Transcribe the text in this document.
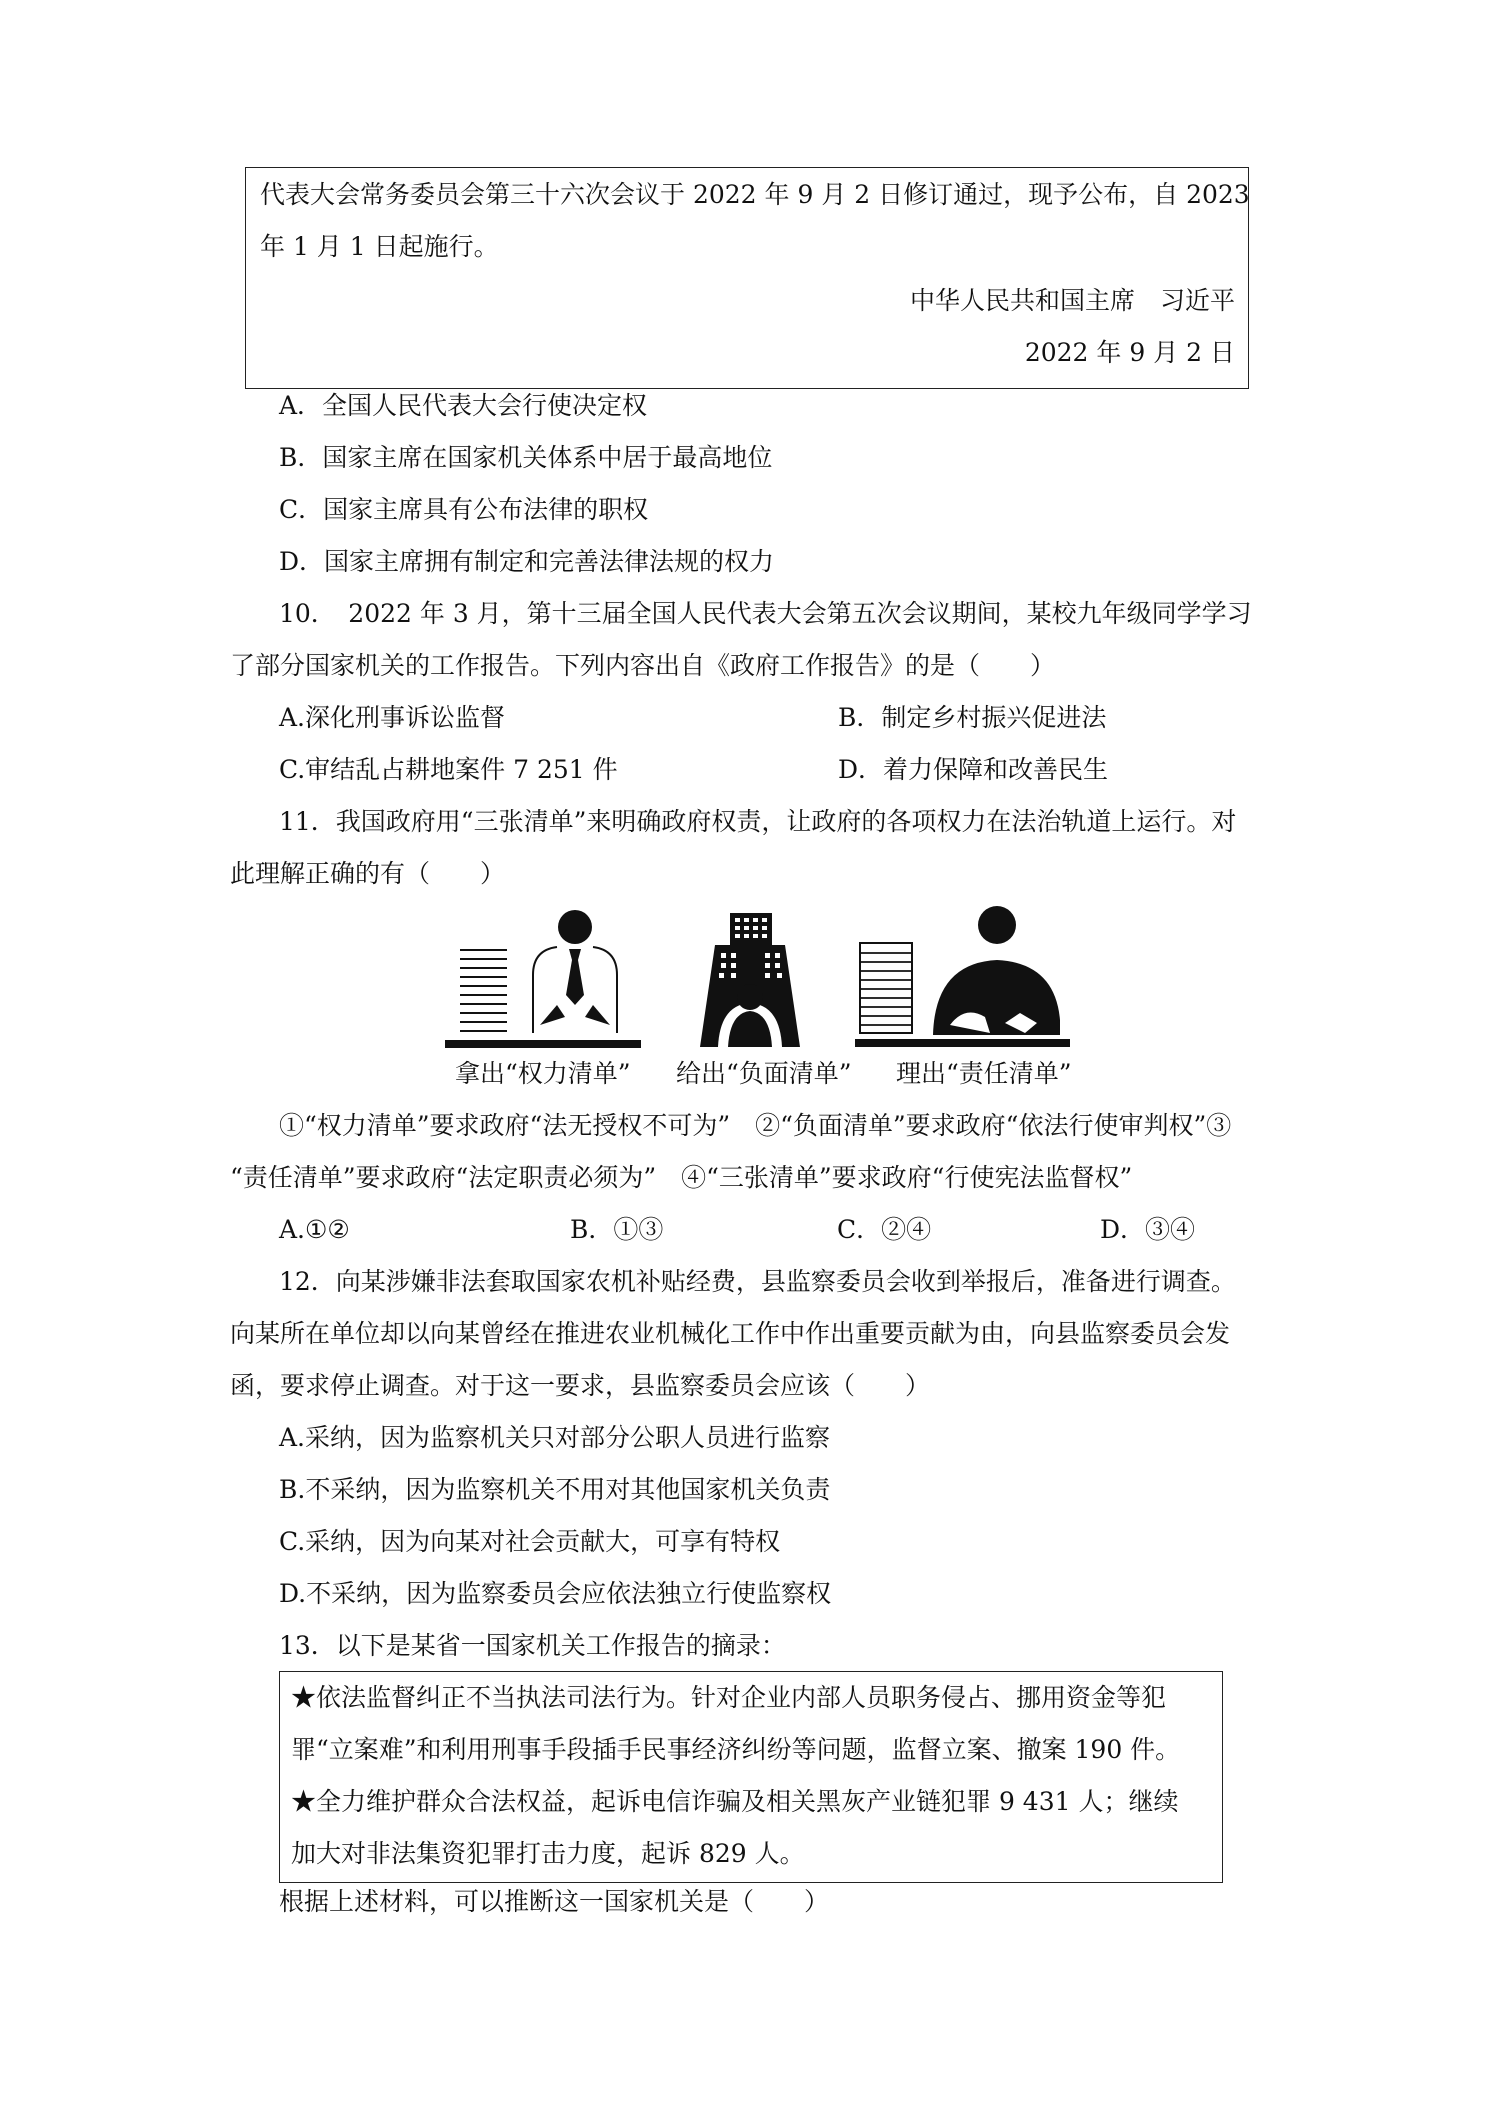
代表大会常务委员会第三十六次会议于 2022 年 9 月 2 日修订通过，现予公布，自 2023
年 1 月 1 日起施行。
中华人民共和国主席　习近平
2022 年 9 月 2 日
A．全国人民代表大会行使决定权
B．国家主席在国家机关体系中居于最高地位
C．国家主席具有公布法律的职权
D．国家主席拥有制定和完善法律法规的权力
10．　2022 年 3 月，第十三届全国人民代表大会第五次会议期间，某校九年级同学学习
了部分国家机关的工作报告。下列内容出自《政府工作报告》的是（　　）
A.深化刑事诉讼监督	B．制定乡村振兴促进法
C.审结乱占耕地案件 7 251 件	D．着力保障和改善民生
11．我国政府用“三张清单”来明确政府权责，让政府的各项权力在法治轨道上运行。对
此理解正确的有（　　）
拿出“权力清单” 给出“负面清单” 理出“责任清单”
①“权力清单”要求政府“法无授权不可为”　②“负面清单”要求政府“依法行使审判权”③
“责任清单”要求政府“法定职责必须为”　④“三张清单”要求政府“行使宪法监督权”
A.①②	B．①③	C．②④	D．③④
12．向某涉嫌非法套取国家农机补贴经费，县监察委员会收到举报后，准备进行调查。
向某所在单位却以向某曾经在推进农业机械化工作中作出重要贡献为由，向县监察委员会发
函，要求停止调查。对于这一要求，县监察委员会应该（　　）
A.采纳，因为监察机关只对部分公职人员进行监察
B.不采纳，因为监察机关不用对其他国家机关负责
C.采纳，因为向某对社会贡献大，可享有特权
D.不采纳，因为监察委员会应依法独立行使监察权
13．以下是某省一国家机关工作报告的摘录：
★依法监督纠正不当执法司法行为。针对企业内部人员职务侵占、挪用资金等犯
罪“立案难”和利用刑事手段插手民事经济纠纷等问题，监督立案、撤案 190 件。
★全力维护群众合法权益，起诉电信诈骗及相关黑灰产业链犯罪 9 431 人；继续
加大对非法集资犯罪打击力度，起诉 829 人。
根据上述材料，可以推断这一国家机关是（　　）
